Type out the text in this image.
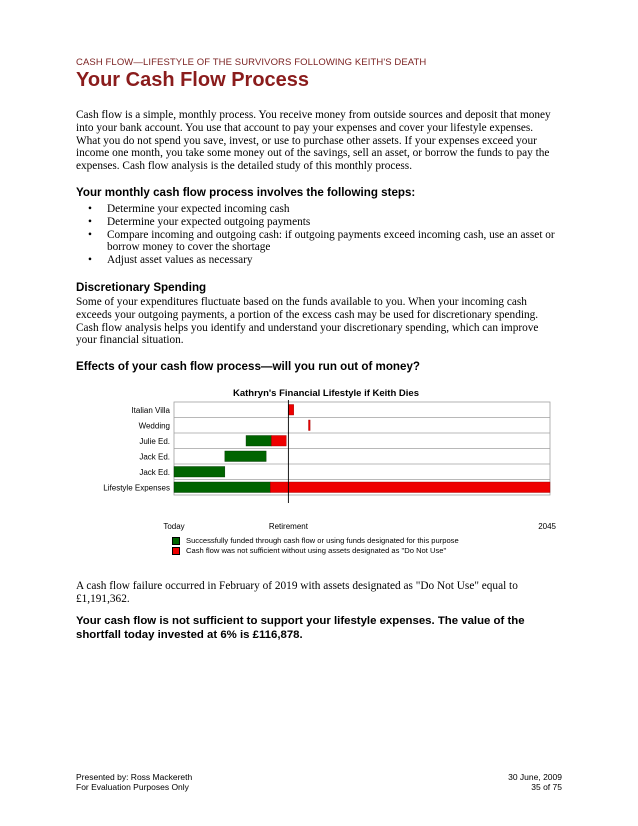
CASH FLOW—LIFESTYLE OF THE SURVIVORS FOLLOWING KEITH'S DEATH
Your Cash Flow Process

Cash flow is a simple, monthly process. You receive money from outside sources and deposit that money into your bank account. You use that account to pay your expenses and cover your lifestyle expenses. What you do not spend you save, invest, or use to purchase other assets. If your expenses exceed your income one month, you take some money out of the savings, sell an asset, or borrow the funds to pay the expenses. Cash flow analysis is the detailed study of this monthly process.

Your monthly cash flow process involves the following steps:
• Determine your expected incoming cash
• Determine your expected outgoing payments
• Compare incoming and outgoing cash: if outgoing payments exceed incoming cash, use an asset or borrow money to cover the shortage
• Adjust asset values as necessary
Discretionary Spending

Some of your expenditures fluctuate based on the funds available to you. When your incoming cash exceeds your outgoing payments, a portion of the excess cash may be used for discretionary spending. Cash flow analysis helps you identify and understand your discretionary spending, which can improve your financial situation.

Effects of your cash flow process—will you run out of money?
Kathryn's Financial Lifestyle if Keith Dies
Italian Villa
Wedding
Julie Ed.
Jack Ed.
Jack Ed.
Lifestyle Expenses
Today	Retirement	2045
Successfully funded through cash flow or using funds designated for this purpose
Cash flow was not sufficient without using assets designated as "Do Not Use"

A cash flow failure occurred in February of 2019 with assets designated as "Do Not Use" equal to £1,191,362.

Your cash flow is not sufficient to support your lifestyle expenses. The value of the shortfall today invested at 6% is £116,878.

Presented by: Ross Mackereth
For Evaluation Purposes Only
30 June, 2009
35 of 75
